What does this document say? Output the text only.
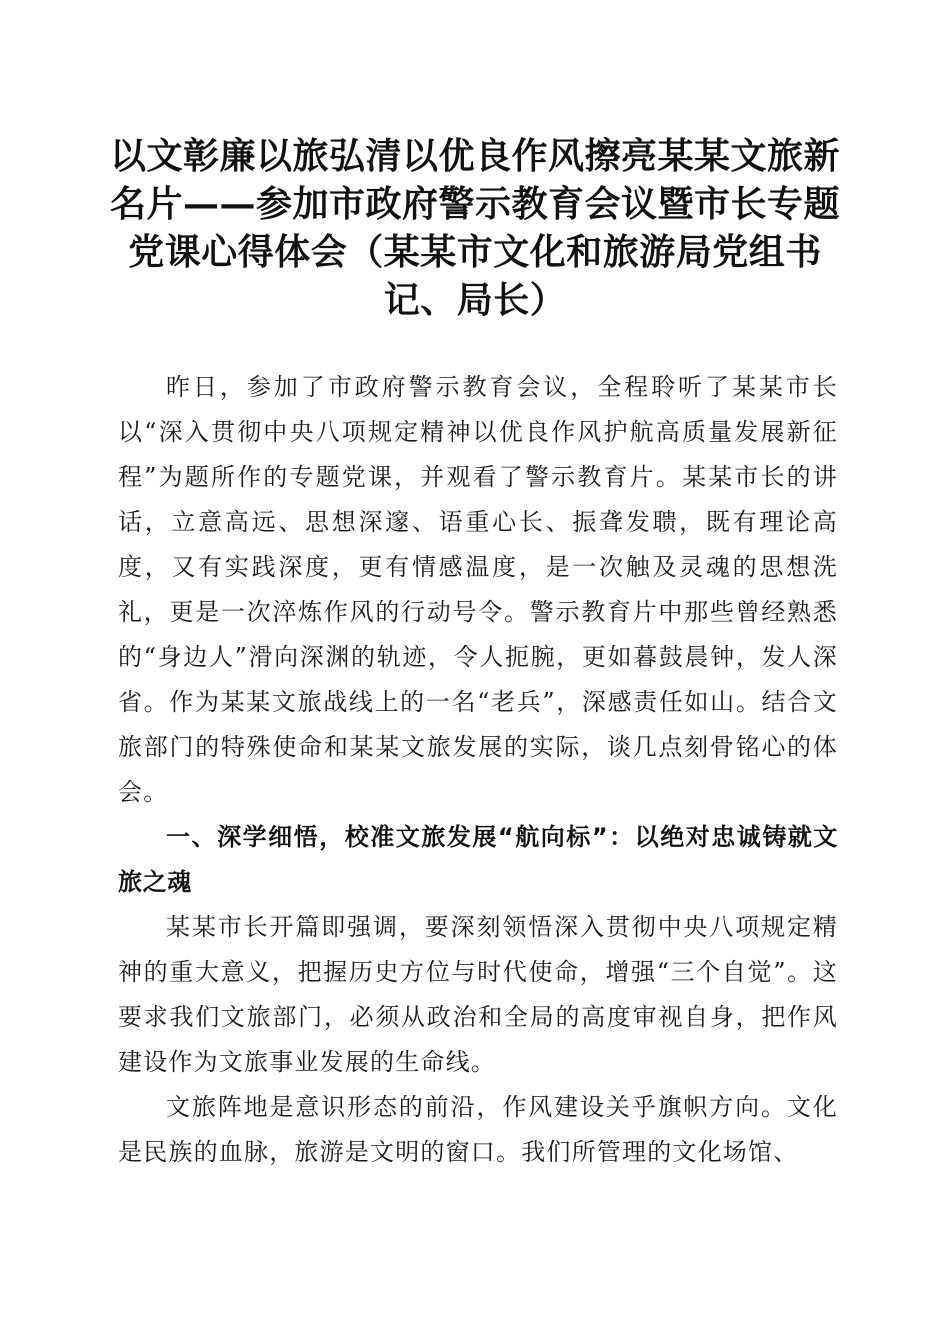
以文彰廉以旅弘清以优良作风擦亮某某文旅新名片——参加市政府警示教育会议暨市长专题党课心得体会（某某市文化和旅游局党组书记、局长）

昨日，参加了市政府警示教育会议，全程聆听了某某市长以“深入贯彻中央八项规定精神以优良作风护航高质量发展新征程”为题所作的专题党课，并观看了警示教育片。某某市长的讲话，立意高远、思想深邃、语重心长、振聋发聩，既有理论高度，又有实践深度，更有情感温度，是一次触及灵魂的思想洗礼，更是一次淬炼作风的行动号令。警示教育片中那些曾经熟悉的“身边人”滑向深渊的轨迹，令人扼腕，更如暮鼓晨钟，发人深省。作为某某文旅战线上的一名“老兵”，深感责任如山。结合文旅部门的特殊使命和某某文旅发展的实际，谈几点刻骨铭心的体会。

一、深学细悟，校准文旅发展“航向标”：以绝对忠诚铸就文旅之魂

某某市长开篇即强调，要深刻领悟深入贯彻中央八项规定精神的重大意义，把握历史方位与时代使命，增强“三个自觉”。这要求我们文旅部门，必须从政治和全局的高度审视自身，把作风建设作为文旅事业发展的生命线。

文旅阵地是意识形态的前沿，作风建设关乎旗帜方向。文化是民族的血脉，旅游是文明的窗口。我们所管理的文化场馆、
